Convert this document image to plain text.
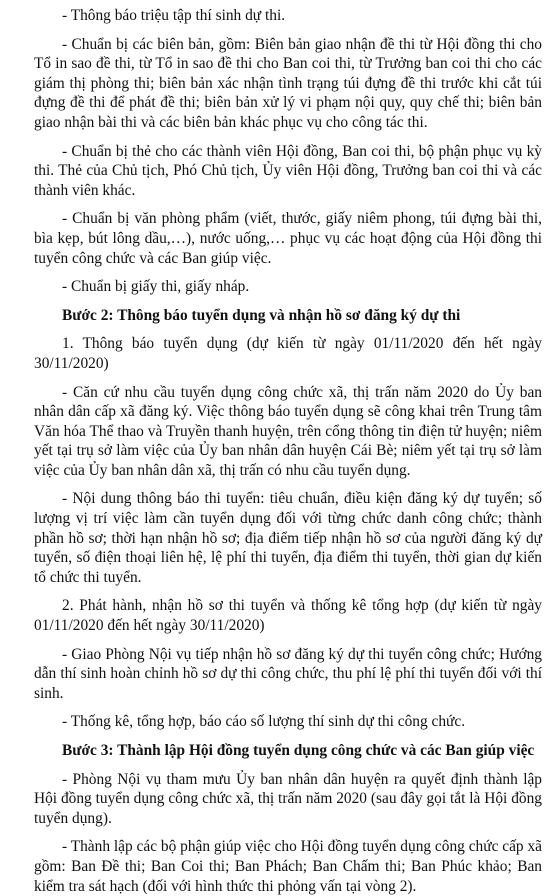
- Thông báo triệu tập thí sinh dự thi.

- Chuẩn bị các biên bản, gồm: Biên bản giao nhận đề thi từ Hội đồng thi cho Tổ in sao đề thi, từ Tổ in sao đề thi cho Ban coi thi, từ Trưởng ban coi thi cho các giám thị phòng thi; biên bản xác nhận tình trạng túi đựng đề thi trước khi cắt túi đựng đề thi để phát đề thi; biên bản xử lý vi phạm nội quy, quy chế thi; biên bản giao nhận bài thi và các biên bản khác phục vụ cho công tác thi.

- Chuẩn bị thẻ cho các thành viên Hội đồng, Ban coi thi, bộ phận phục vụ kỳ thi. Thẻ của Chủ tịch, Phó Chủ tịch, Ủy viên Hội đồng, Trưởng ban coi thi và các thành viên khác.

- Chuẩn bị văn phòng phẩm (viết, thước, giấy niêm phong, túi đựng bài thi, bìa kẹp, bút lông dầu,…), nước uống,… phục vụ các hoạt động của Hội đồng thi tuyển công chức và các Ban giúp việc.

- Chuẩn bị giấy thi, giấy nháp.

Bước 2: Thông báo tuyển dụng và nhận hồ sơ đăng ký dự thi

1. Thông báo tuyển dụng (dự kiến từ ngày 01/11/2020 đến hết ngày 30/11/2020)

- Căn cứ nhu cầu tuyển dụng công chức xã, thị trấn năm 2020 do Ủy ban nhân dân cấp xã đăng ký. Việc thông báo tuyển dụng sẽ công khai trên Trung tâm Văn hóa Thể thao và Truyền thanh huyện, trên cổng thông tin điện tử huyện; niêm yết tại trụ sở làm việc của Ủy ban nhân dân huyện Cái Bè; niêm yết tại trụ sở làm việc của Ủy ban nhân dân xã, thị trấn có nhu cầu tuyển dụng.

- Nội dung thông báo thi tuyển: tiêu chuẩn, điều kiện đăng ký dự tuyển; số lượng vị trí việc làm cần tuyển dụng đối với từng chức danh công chức; thành phần hồ sơ; thời hạn nhận hồ sơ; địa điểm tiếp nhận hồ sơ của người đăng ký dự tuyển, số điện thoại liên hệ, lệ phí thi tuyển, địa điểm thi tuyển, thời gian dự kiến tổ chức thi tuyển.

2. Phát hành, nhận hồ sơ thi tuyển và thống kê tổng hợp (dự kiến từ ngày 01/11/2020 đến hết ngày 30/11/2020)

- Giao Phòng Nội vụ tiếp nhận hồ sơ đăng ký dự thi tuyển công chức; Hướng dẫn thí sinh hoàn chỉnh hồ sơ dự thi công chức, thu phí lệ phí thi tuyển đối với thí sinh.

- Thống kê, tổng hợp, báo cáo số lượng thí sinh dự thi công chức.

Bước 3: Thành lập Hội đồng tuyển dụng công chức và các Ban giúp việc

- Phòng Nội vụ tham mưu Ủy ban nhân dân huyện ra quyết định thành lập Hội đồng tuyển dụng công chức xã, thị trấn năm 2020 (sau đây gọi tắt là Hội đồng tuyển dụng).

- Thành lập các bộ phận giúp việc cho Hội đồng tuyển dụng công chức cấp xã gồm: Ban Đề thi; Ban Coi thi; Ban Phách; Ban Chấm thi; Ban Phúc khảo; Ban kiểm tra sát hạch (đối với hình thức thi phỏng vấn tại vòng 2).
